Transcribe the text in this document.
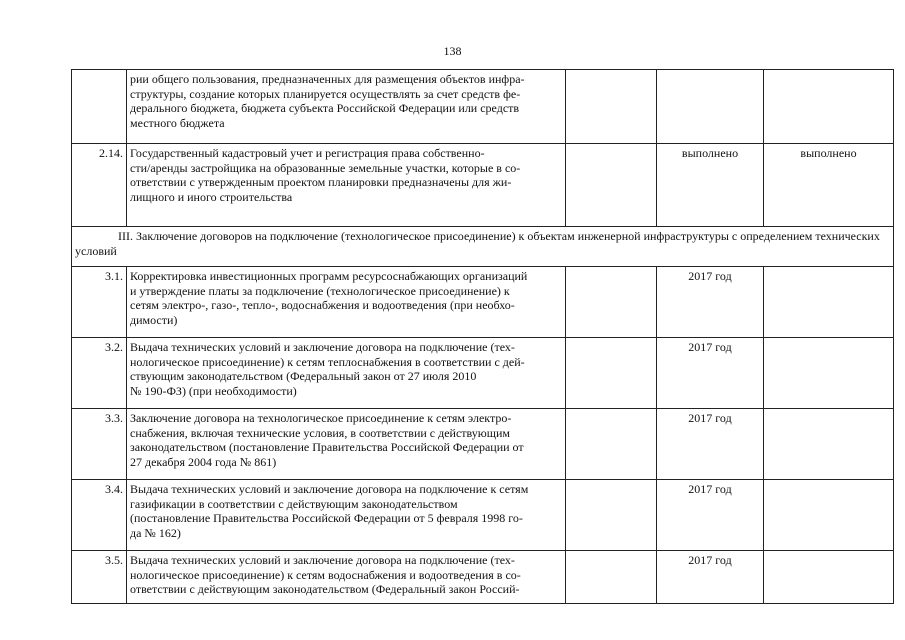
138

	рии общего пользования, предназначенных для размещения объектов инфра-
структуры, создание которых планируется осуществлять за счет средств фе-
дерального бюджета, бюджета субъекта Российской Федерации или средств
местного бюджета			

2.14.	Государственный кадастровый учет и регистрация права собственно-
сти/аренды застройщика на образованные земельные участки, которые в со-
ответствии с утвержденным проектом планировки предназначены для жи-
лищного и иного строительства		выполнено	выполнено

III. Заключение договоров на подключение (технологическое присоединение) к объектам инженерной инфраструктуры с определением технических условий				

3.1.	Корректировка инвестиционных программ ресурсоснабжающих организаций
и утверждение платы за подключение (технологическое присоединение) к
сетям электро-, газо-, тепло-, водоснабжения и водоотведения (при необхо-
димости)		2017 год	
3.2.	Выдача технических условий и заключение договора на подключение (тех-
нологическое присоединение) к сетям теплоснабжения в соответствии с дей-
ствующим законодательством (Федеральный закон от 27 июля 2010
№ 190-ФЗ) (при необходимости)		2017 год	
3.3.	Заключение договора на технологическое присоединение к сетям электро-
снабжения, включая технические условия, в соответствии с действующим
законодательством (постановление Правительства Российской Федерации от
27 декабря 2004 года № 861)		2017 год	
3.4.	Выдача технических условий и заключение договора на подключение к сетям
газификации в соответствии с действующим законодательством
(постановление Правительства Российской Федерации от 5 февраля 1998 го-
да № 162)		2017 год	
3.5.	Выдача технических условий и заключение договора на подключение (тех-
нологическое присоединение) к сетям водоснабжения и водоотведения в со-
ответствии с действующим законодательством (Федеральный закон Россий-		2017 год	
